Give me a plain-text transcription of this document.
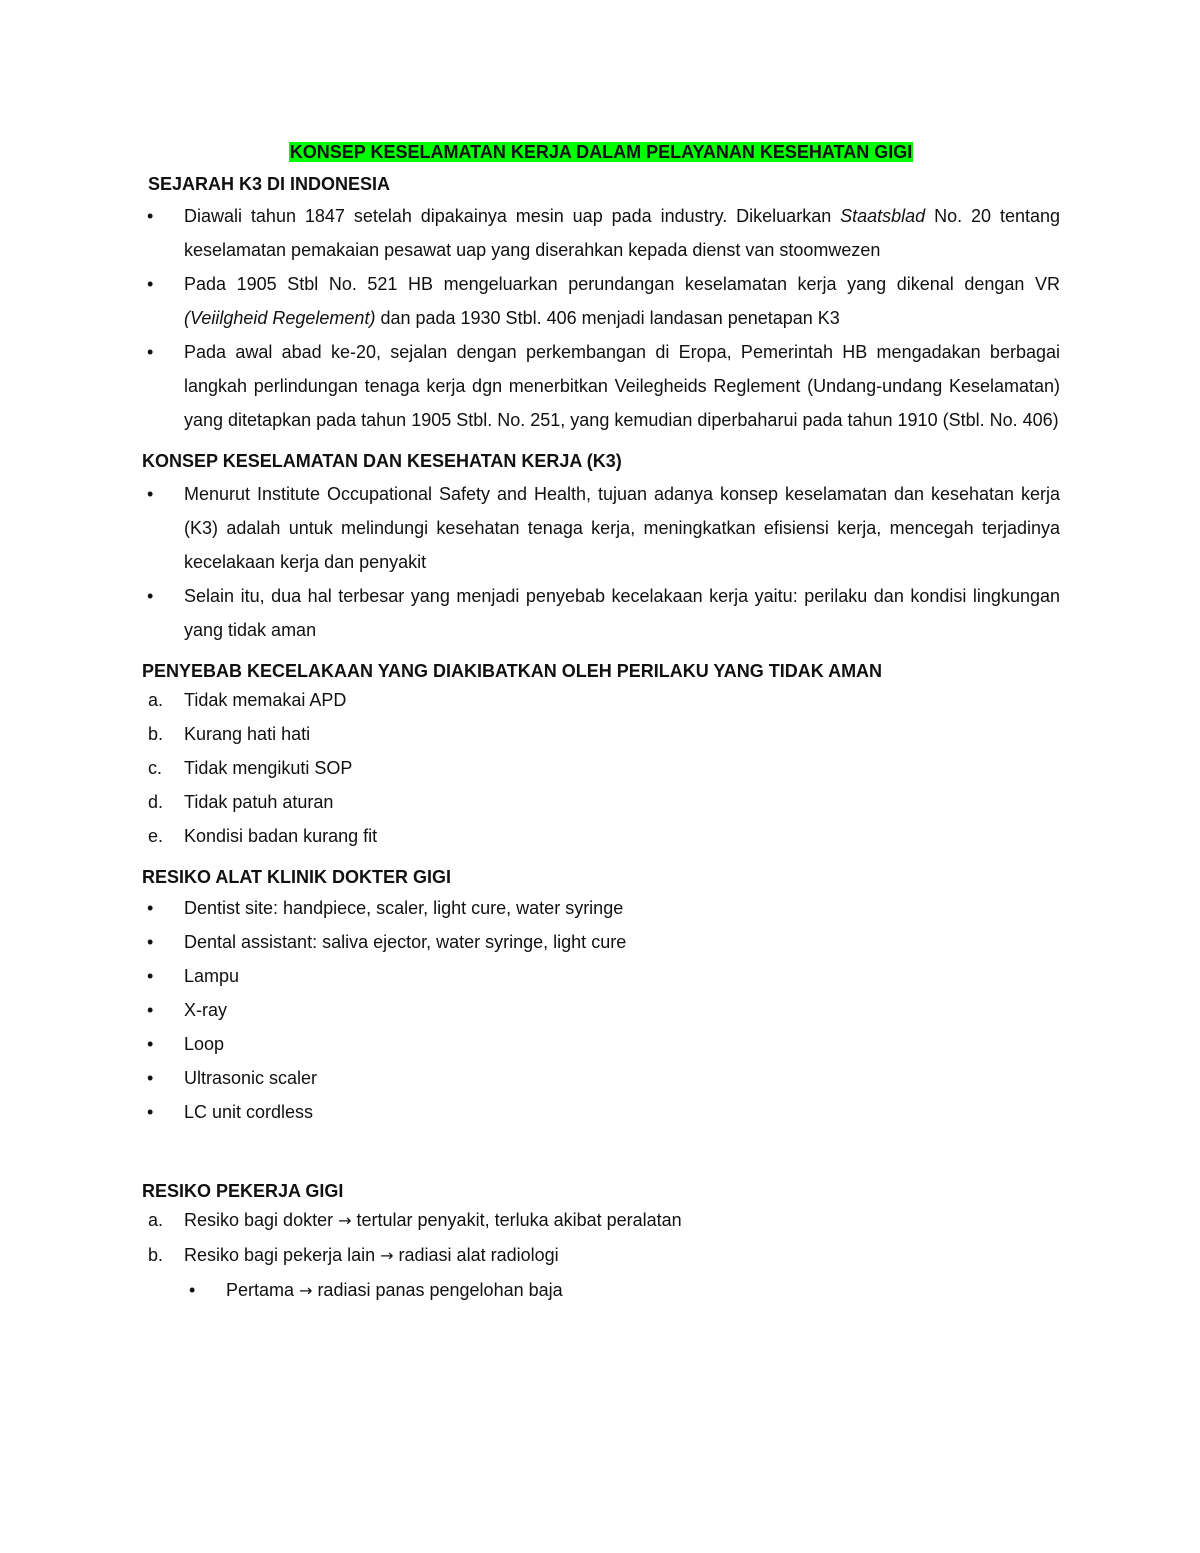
KONSEP KESELAMATAN KERJA DALAM PELAYANAN KESEHATAN GIGI

SEJARAH K3 DI INDONESIA

• Diawali tahun 1847 setelah dipakainya mesin uap pada industry. Dikeluarkan Staatsblad No. 20 tentang keselamatan pemakaian pesawat uap yang diserahkan kepada dienst van stoomwezen
• Pada 1905 Stbl No. 521 HB mengeluarkan perundangan keselamatan kerja yang dikenal dengan VR (Veiilgheid Regelement) dan pada 1930 Stbl. 406 menjadi landasan penetapan K3
• Pada awal abad ke-20, sejalan dengan perkembangan di Eropa, Pemerintah HB mengadakan berbagai langkah perlindungan tenaga kerja dgn menerbitkan Veilegheids Reglement (Undang-undang Keselamatan) yang ditetapkan pada tahun 1905 Stbl. No. 251, yang kemudian diperbaharui pada tahun 1910 (Stbl. No. 406)

KONSEP KESELAMATAN DAN KESEHATAN KERJA (K3)

• Menurut Institute Occupational Safety and Health, tujuan adanya konsep keselamatan dan kesehatan kerja (K3) adalah untuk melindungi kesehatan tenaga kerja, meningkatkan efisiensi kerja, mencegah terjadinya kecelakaan kerja dan penyakit
• Selain itu, dua hal terbesar yang menjadi penyebab kecelakaan kerja yaitu: perilaku dan kondisi lingkungan yang tidak aman

PENYEBAB KECELAKAAN YANG DIAKIBATKAN OLEH PERILAKU YANG TIDAK AMAN

a. Tidak memakai APD
b. Kurang hati hati
c. Tidak mengikuti SOP
d. Tidak patuh aturan
e. Kondisi badan kurang fit

RESIKO ALAT KLINIK DOKTER GIGI

• Dentist site: handpiece, scaler, light cure, water syringe
• Dental assistant: saliva ejector, water syringe, light cure
• Lampu
• X-ray
• Loop
• Ultrasonic scaler
• LC unit cordless

RESIKO PEKERJA GIGI

a. Resiko bagi dokter → tertular penyakit, terluka akibat peralatan
b. Resiko bagi pekerja lain → radiasi alat radiologi
• Pertama → radiasi panas pengelohan baja
